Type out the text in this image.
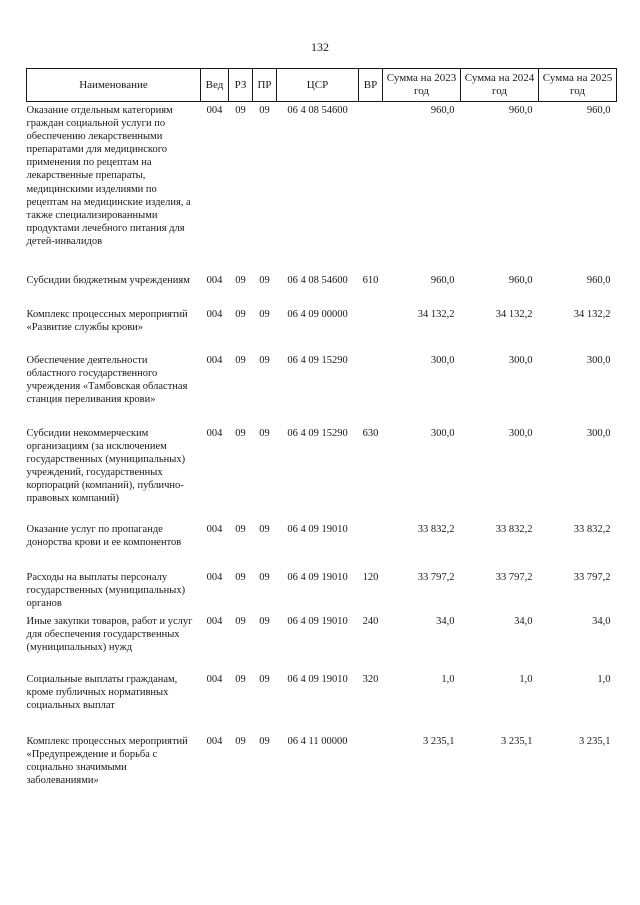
132
Наименование	Вед	РЗ	ПР	ЦСР	ВР	Сумма на 2023 год	Сумма на 2024 год	Сумма на 2025 год
Оказание отдельным категориям граждан социальной услуги по обеспечению лекарственными препаратами для медицинского применения по рецептам на лекарственные препараты, медицинскими изделиями по рецептам на медицинские изделия, а также специализированными продуктами лечебного питания для детей-инвалидов	004	09	09	06 4 08 54600		960,0	960,0	960,0
Субсидии бюджетным учреждениям	004	09	09	06 4 08 54600	610	960,0	960,0	960,0
Комплекс процессных мероприятий «Развитие службы крови»	004	09	09	06 4 09 00000		34 132,2	34 132,2	34 132,2
Обеспечение деятельности областного государственного учреждения «Тамбовская областная станция переливания крови»	004	09	09	06 4 09 15290		300,0	300,0	300,0
Субсидии некоммерческим организациям (за исключением государственных (муниципальных) учреждений, государственных корпораций (компаний), публично-правовых компаний)	004	09	09	06 4 09 15290	630	300,0	300,0	300,0
Оказание услуг по пропаганде донорства крови и ее компонентов	004	09	09	06 4 09 19010		33 832,2	33 832,2	33 832,2
Расходы на выплаты персоналу государственных (муниципальных) органов	004	09	09	06 4 09 19010	120	33 797,2	33 797,2	33 797,2
Иные закупки товаров, работ и услуг для обеспечения государственных (муниципальных) нужд	004	09	09	06 4 09 19010	240	34,0	34,0	34,0
Социальные выплаты гражданам, кроме публичных нормативных социальных выплат	004	09	09	06 4 09 19010	320	1,0	1,0	1,0
Комплекс процессных мероприятий «Предупреждение и борьба с социально значимыми заболеваниями»	004	09	09	06 4 11 00000		3 235,1	3 235,1	3 235,1
